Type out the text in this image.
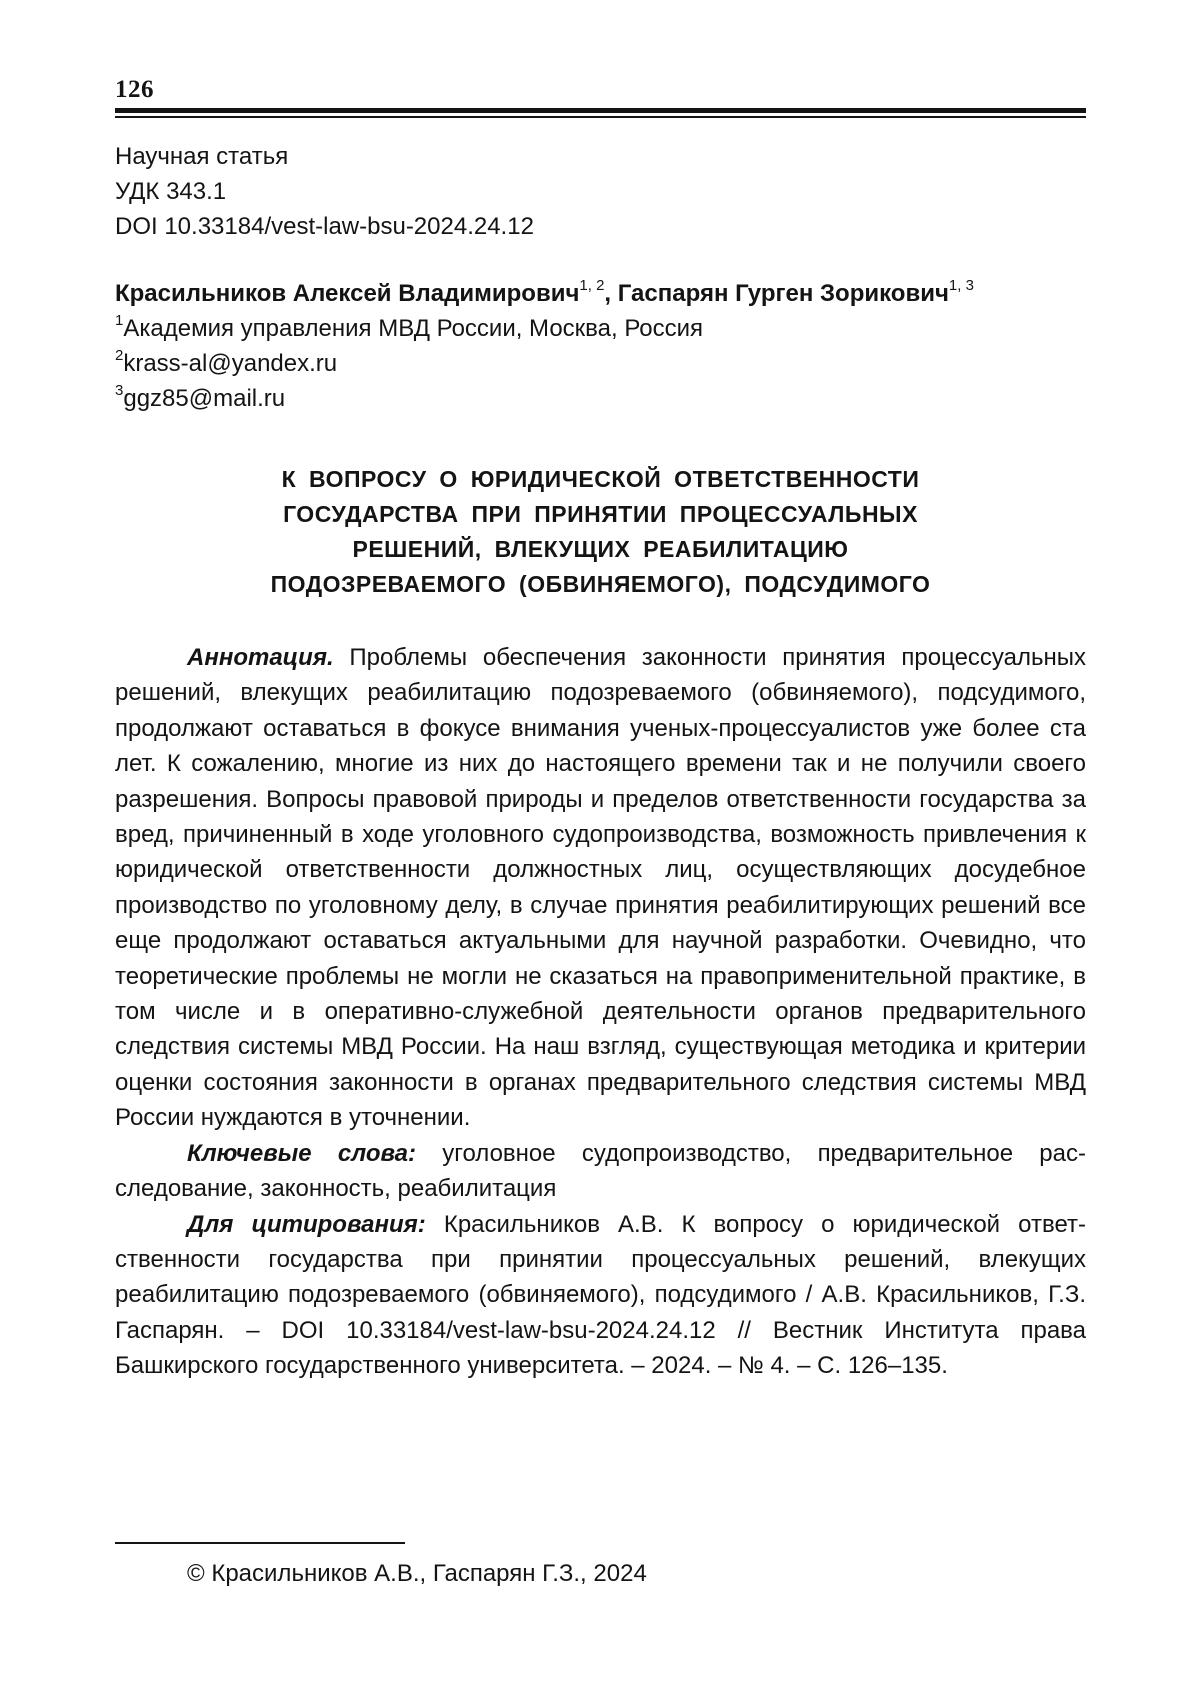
126
Научная статья
УДК 343.1
DOI 10.33184/vest-law-bsu-2024.24.12
Красильников Алексей Владимирович$^{1, 2}$, Гаспарян Гурген Зорикович$^{1, 3}$
$^1$Академия управления МВД России, Москва, Россия
$^2$krass-al@yandex.ru
$^3$ggz85@mail.ru
К ВОПРОСУ О ЮРИДИЧЕСКОЙ ОТВЕТСТВЕННОСТИ
ГОСУДАРСТВА ПРИ ПРИНЯТИИ ПРОЦЕССУАЛЬНЫХ
РЕШЕНИЙ, ВЛЕКУЩИХ РЕАБИЛИТАЦИЮ
ПОДОЗРЕВАЕМОГО (ОБВИНЯЕМОГО), ПОДСУДИМОГО

Аннотация. Проблемы обеспечения законности принятия процессуальных решений, влекущих реабилитацию подозреваемого (обвиняемого), подсудимого, продолжают оставаться в фокусе внимания ученых-процессуалистов уже более ста лет. К сожалению, многие из них до настоящего времени так и не получили своего разрешения. Вопросы правовой природы и пределов ответственности государства за вред, причиненный в ходе уголовного судопроизводства, возможность привлечения к юридической ответственности должностных лиц, осуществляющих досудебное производство по уголовному делу, в случае принятия реабилитирующих решений все еще продолжают оставаться актуальными для научной разработки. Очевидно, что теоретические проблемы не могли не сказаться на правоприменительной практике, в том числе и в оперативно-служебной деятельности органов предварительного следствия системы МВД России. На наш взгляд, существующая методика и критерии оценки состояния законности в органах предварительного следствия системы МВД России нуждаются в уточнении.

Ключевые слова: уголовное судопроизводство, предварительное расследование, законность, реабилитация

Для цитирования: Красильников А.В. К вопросу о юридической ответственности государства при принятии процессуальных решений, влекущих реабилитацию подозреваемого (обвиняемого), подсудимого / А.В. Красильников, Г.З. Гаспарян. – DOI 10.33184/vest-law-bsu-2024.24.12 // Вестник Института права Башкирского государственного университета. – 2024. – № 4. – С. 126–135.

© Красильников А.В., Гаспарян Г.З., 2024
